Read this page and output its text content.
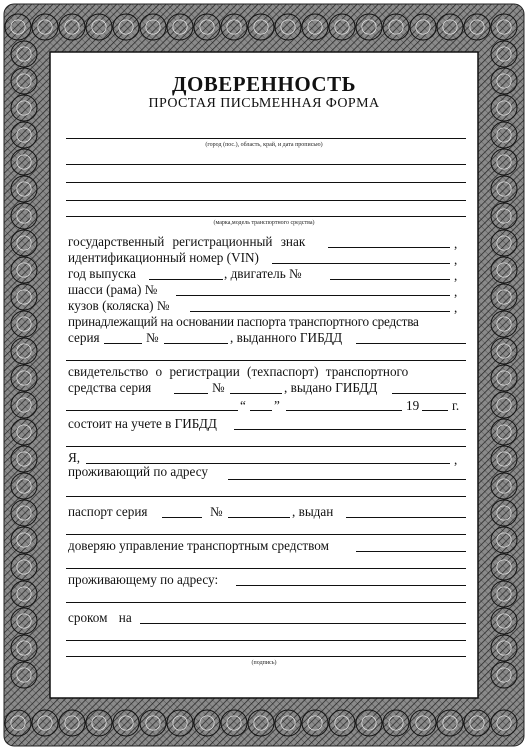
ДОВЕРЕННОСТЬ
ПРОСТАЯ ПИСЬМЕННАЯ ФОРМА
(город (пос.), область, край, и дата прописью)
(марка,модель транспортного средства)
государственный регистрационный знак	,
идентификационный номер (VIN)	,
год выпуска	, двигатель №	,
шасси (рама) №	,
кузов (коляска) №	,
принадлежащий на основании паспорта транспортного средства
серия	№	, выданного ГИБДД
свидетельство о регистрации (техпаспорт) транспортного
средства серия	№	, выдано ГИБДД
“ ”	19 г.
состоит на учете в ГИБДД
Я,	,
проживающий по адресу
паспорт серия	№	, выдан
доверяю управление транспортным средством
проживающему по адресу:
сроком на
(подпись)
